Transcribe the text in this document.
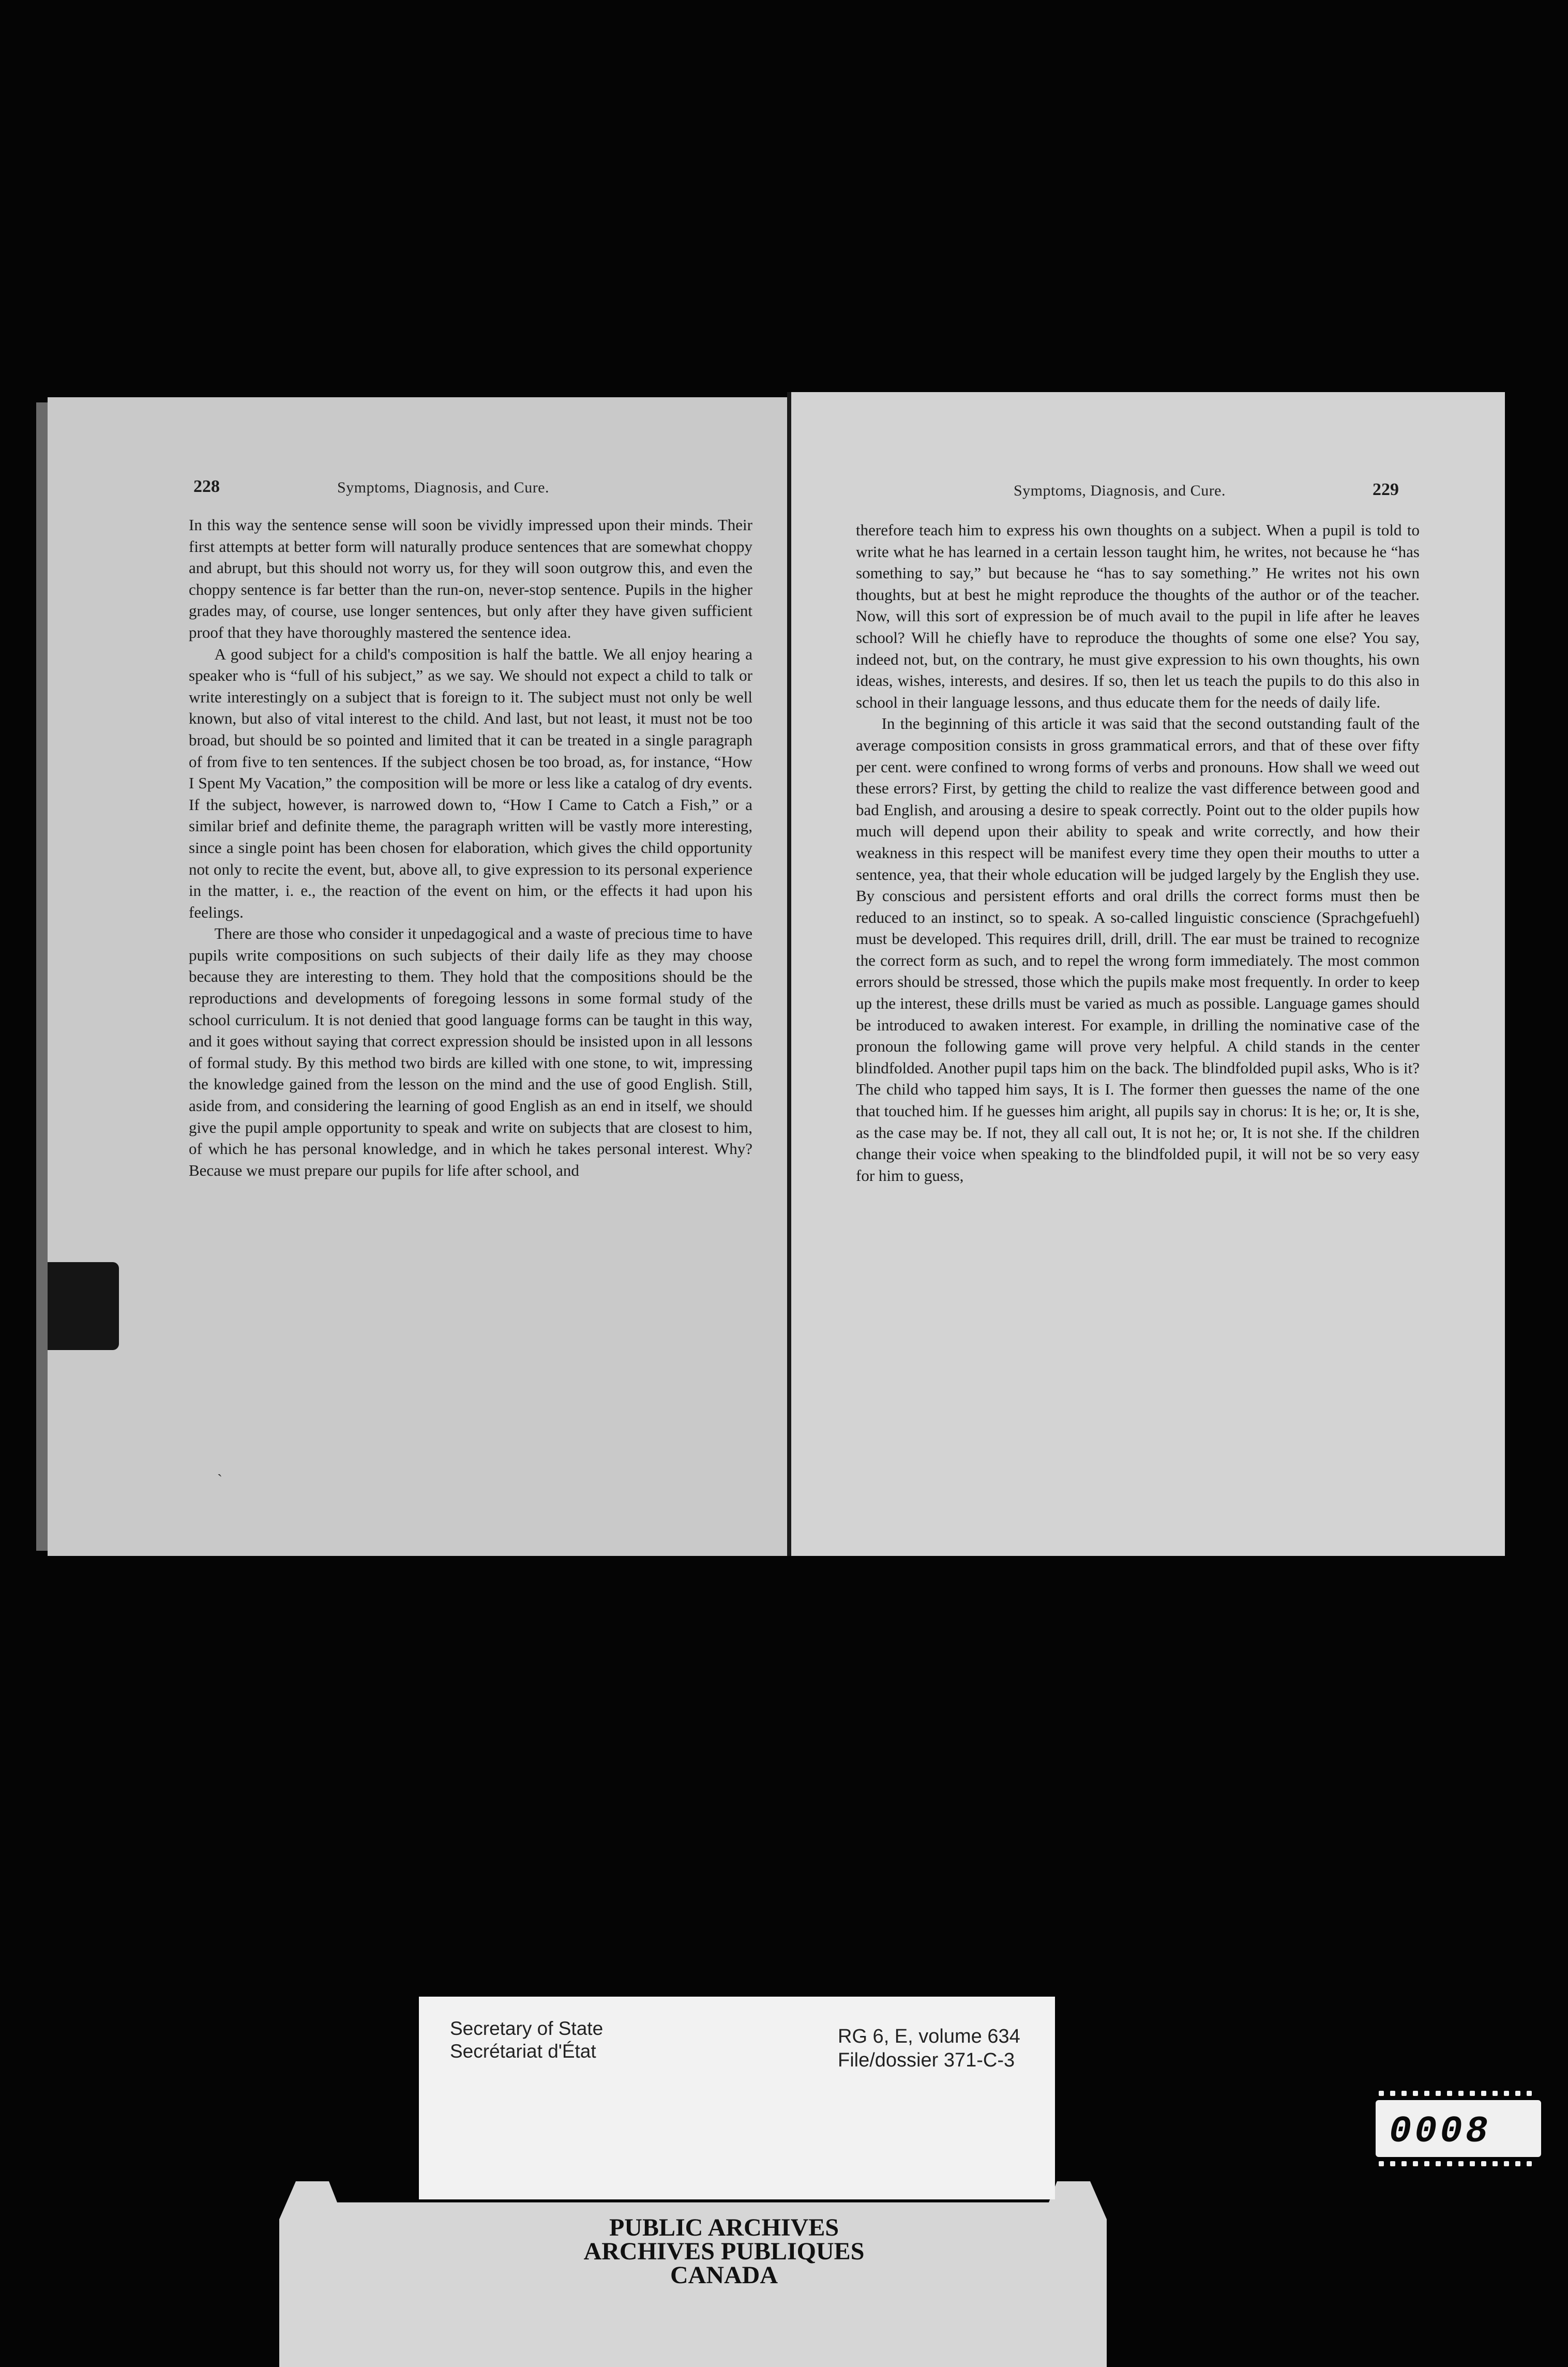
228	Symptoms, Diagnosis, and Cure.

In this way the sentence sense will soon be vividly impressed upon their minds. Their first attempts at better form will naturally produce sentences that are somewhat choppy and abrupt, but this should not worry us, for they will soon outgrow this, and even the choppy sentence is far better than the run-on, never-stop sentence. Pupils in the higher grades may, of course, use longer sentences, but only after they have given sufficient proof that they have thoroughly mastered the sentence idea.

A good subject for a child's composition is half the battle. We all enjoy hearing a speaker who is “full of his subject,” as we say. We should not expect a child to talk or write interestingly on a subject that is foreign to it. The subject must not only be well known, but also of vital interest to the child. And last, but not least, it must not be too broad, but should be so pointed and limited that it can be treated in a single paragraph of from five to ten sentences. If the subject chosen be too broad, as, for instance, “How I Spent My Vacation,” the composition will be more or less like a catalog of dry events. If the subject, however, is narrowed down to, “How I Came to Catch a Fish,” or a similar brief and definite theme, the paragraph written will be vastly more interesting, since a single point has been chosen for elaboration, which gives the child opportunity not only to recite the event, but, above all, to give expression to its personal experience in the matter, i. e., the reaction of the event on him, or the effects it had upon his feelings.

There are those who consider it unpedagogical and a waste of precious time to have pupils write compositions on such subjects of their daily life as they may choose because they are interesting to them. They hold that the compositions should be the reproductions and developments of foregoing lessons in some formal study of the school curriculum. It is not denied that good language forms can be taught in this way, and it goes without saying that correct expression should be insisted upon in all lessons of formal study. By this method two birds are killed with one stone, to wit, impressing the knowledge gained from the lesson on the mind and the use of good English. Still, aside from, and considering the learning of good English as an end in itself, we should give the pupil ample opportunity to speak and write on subjects that are closest to him, of which he has personal knowledge, and in which he takes personal interest. Why? Because we must prepare our pupils for life after school, and

ˎ
Symptoms, Diagnosis, and Cure.	229

therefore teach him to express his own thoughts on a subject. When a pupil is told to write what he has learned in a certain lesson taught him, he writes, not because he “has something to say,” but because he “has to say something.” He writes not his own thoughts, but at best he might reproduce the thoughts of the author or of the teacher. Now, will this sort of expression be of much avail to the pupil in life after he leaves school? Will he chiefly have to reproduce the thoughts of some one else? You say, indeed not, but, on the contrary, he must give expression to his own thoughts, his own ideas, wishes, interests, and desires. If so, then let us teach the pupils to do this also in school in their language lessons, and thus educate them for the needs of daily life.

In the beginning of this article it was said that the second outstanding fault of the average composition consists in gross grammatical errors, and that of these over fifty per cent. were confined to wrong forms of verbs and pronouns. How shall we weed out these errors? First, by getting the child to realize the vast difference between good and bad English, and arousing a desire to speak correctly. Point out to the older pupils how much will depend upon their ability to speak and write correctly, and how their weakness in this respect will be manifest every time they open their mouths to utter a sentence, yea, that their whole education will be judged largely by the English they use. By conscious and persistent efforts and oral drills the correct forms must then be reduced to an instinct, so to speak. A so-called linguistic conscience (Sprachgefuehl) must be developed. This requires drill, drill, drill. The ear must be trained to recognize the correct form as such, and to repel the wrong form immediately. The most common errors should be stressed, those which the pupils make most frequently. In order to keep up the interest, these drills must be varied as much as possible. Language games should be introduced to awaken interest. For example, in drilling the nominative case of the pronoun the following game will prove very helpful. A child stands in the center blindfolded. Another pupil taps him on the back. The blindfolded pupil asks, Who is it? The child who tapped him says, It is I. The former then guesses the name of the one that touched him. If he guesses him aright, all pupils say in chorus: It is he; or, It is she, as the case may be. If not, they all call out, It is not he; or, It is not she. If the children change their voice when speaking to the blindfolded pupil, it will not be so very easy for him to guess,

Secretary of State
Secrétariat d'État
RG 6, E, volume 634
File/dossier 371-C-3
PUBLIC ARCHIVES
ARCHIVES PUBLIQUES
CANADA
0008
